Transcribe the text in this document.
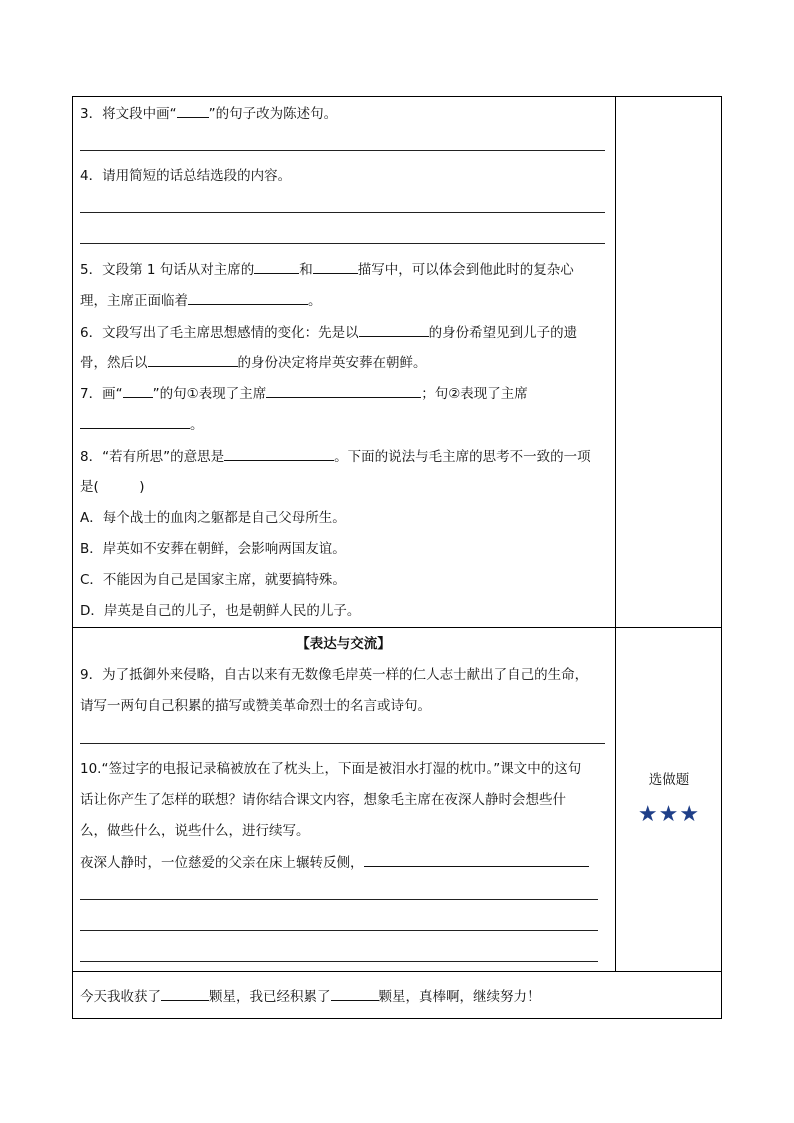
3．将文段中画“ ”的句子改为陈述句。
4．请用简短的话总结选段的内容。
5．文段第 1 句话从对主席的	和	描写中，可以体会到他此时的复杂心
理，主席正面临着	。
6．文段写出了毛主席思想感情的变化：先是以	的身份希望见到儿子的遗
骨，然后以	的身份决定将岸英安葬在朝鲜。
7．画“ ”的句①表现了主席	；句②表现了主席
。
8．“若有所思”的意思是	。下面的说法与毛主席的思考不一致的一项
是(　　　)
A．每个战士的血肉之躯都是自己父母所生。
B．岸英如不安葬在朝鲜，会影响两国友谊。
C．不能因为自己是国家主席，就要搞特殊。
D．岸英是自己的儿子，也是朝鲜人民的儿子。
【表达与交流】
9．为了抵御外来侵略，自古以来有无数像毛岸英一样的仁人志士献出了自己的生命，
请写一两句自己积累的描写或赞美革命烈士的名言或诗句。
10.“签过字的电报记录稿被放在了枕头上，下面是被泪水打湿的枕巾。”课文中的这句
话让你产生了怎样的联想？请你结合课文内容，想象毛主席在夜深人静时会想些什
么，做些什么，说些什么，进行续写。
夜深人静时，一位慈爱的父亲在床上辗转反侧，
选做题
★★★
今天我收获了	颗星，我已经积累了	颗星，真棒啊，继续努力！
